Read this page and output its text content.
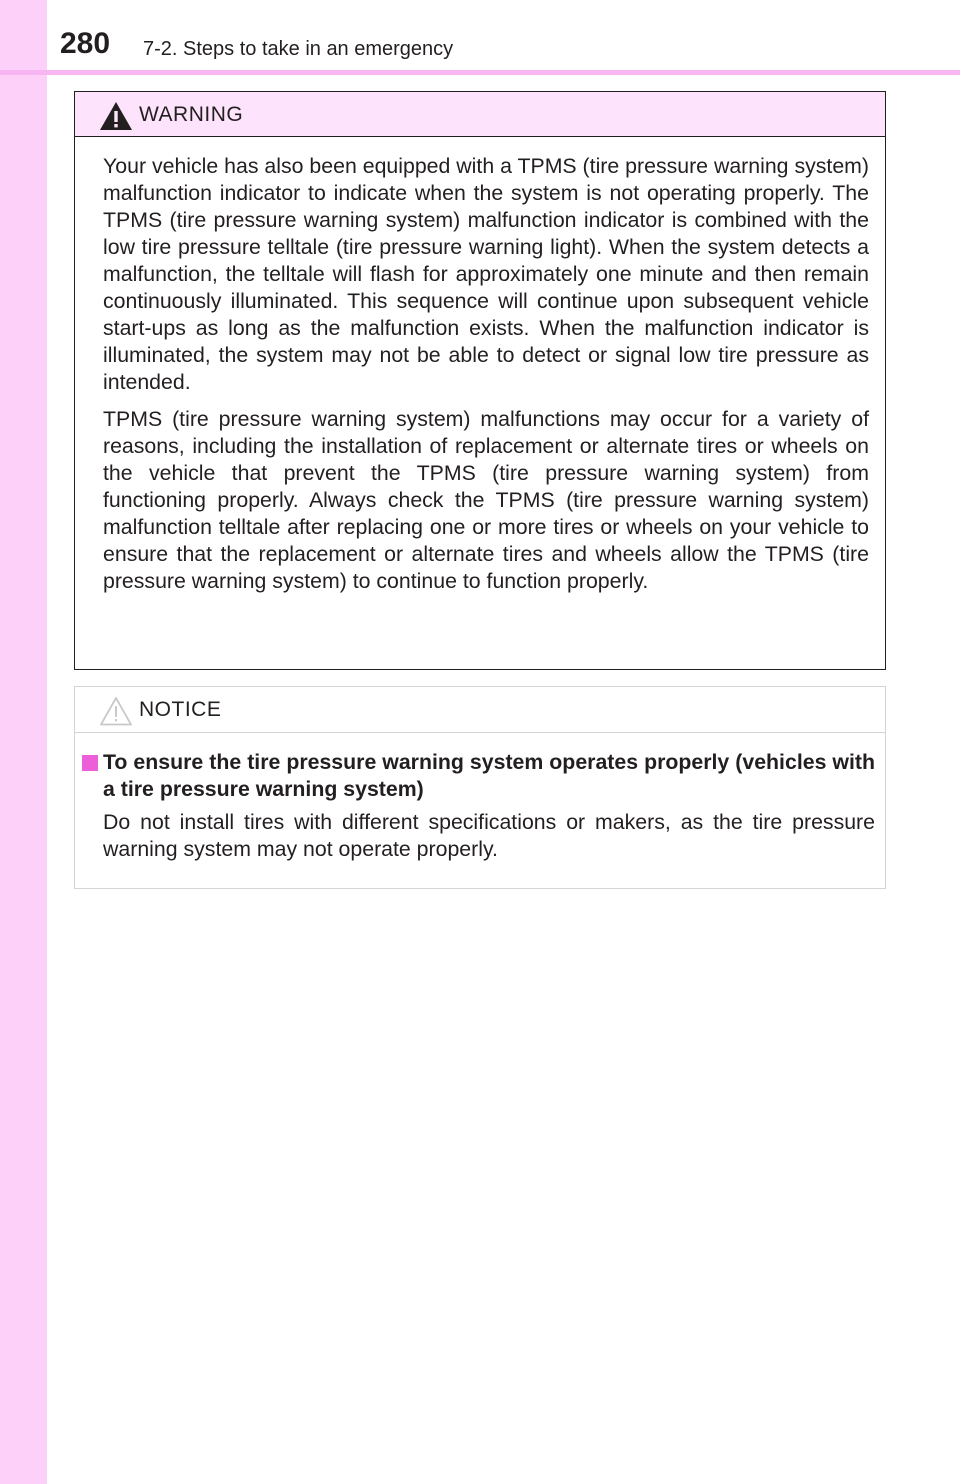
280 7-2. Steps to take in an emergency
WARNING

Your vehicle has also been equipped with a TPMS (tire pressure warning system) malfunction indicator to indicate when the system is not operating properly. The TPMS (tire pressure warning system) malfunction indicator is combined with the low tire pressure telltale (tire pressure warning light). When the system detects a malfunction, the telltale will flash for approximately one minute and then remain continuously illuminated. This sequence will continue upon subsequent vehicle start-ups as long as the malfunction exists. When the malfunction indicator is illuminated, the system may not be able to detect or signal low tire pressure as intended.

TPMS (tire pressure warning system) malfunctions may occur for a variety of reasons, including the installation of replacement or alternate tires or wheels on the vehicle that prevent the TPMS (tire pressure warning system) from functioning properly. Always check the TPMS (tire pressure warning system) malfunction telltale after replacing one or more tires or wheels on your vehicle to ensure that the replacement or alternate tires and wheels allow the TPMS (tire pressure warning system) to continue to function properly.

NOTICE
To ensure the tire pressure warning system operates properly (vehicles with a tire pressure warning system)

Do not install tires with different specifications or makers, as the tire pressure warning system may not operate properly.
